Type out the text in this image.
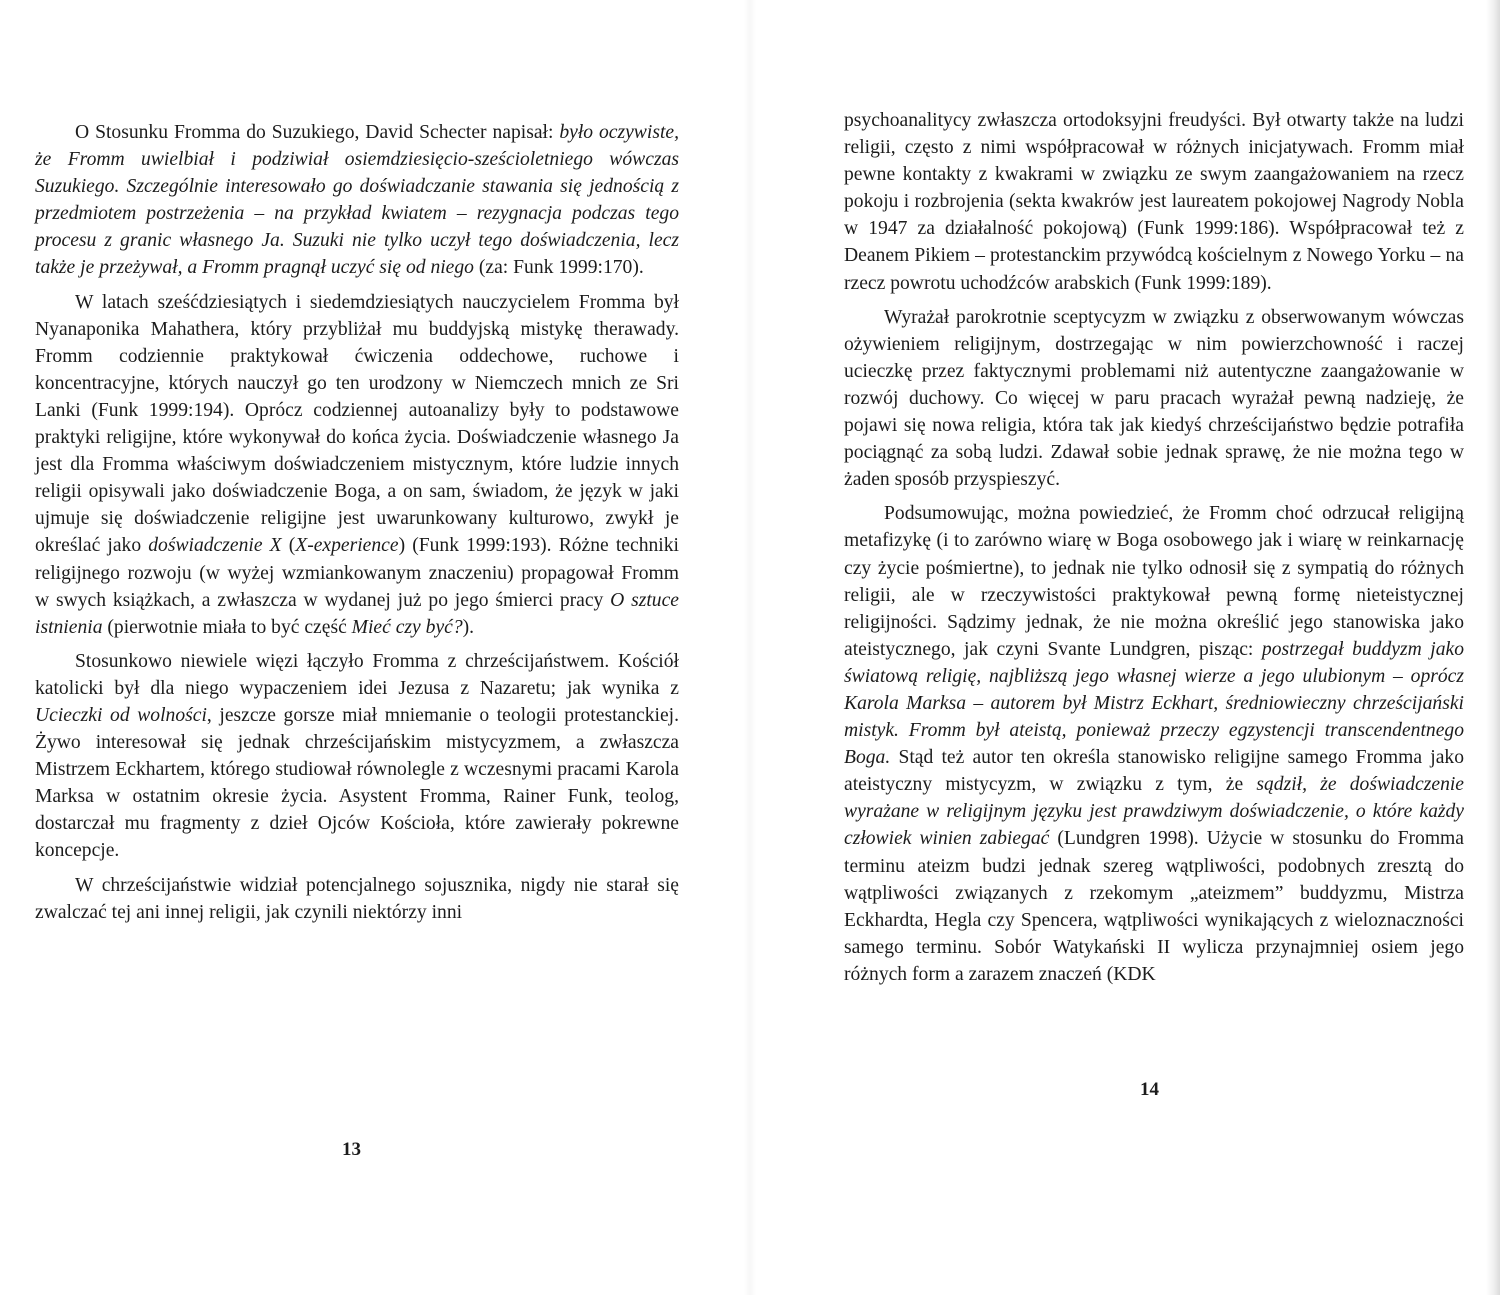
O Stosunku Fromma do Suzukiego, David Schecter napisał: było oczywiste, że Fromm uwielbiał i podziwiał osiemdziesięcio-sześcioletniego wówczas Suzukiego. Szczególnie interesowało go doświadczanie stawania się jednością z przedmiotem postrzeżenia – na przykład kwiatem – rezygnacja podczas tego procesu z granic własnego Ja. Suzuki nie tylko uczył tego doświadczenia, lecz także je przeżywał, a Fromm pragnął uczyć się od niego (za: Funk 1999:170).

W latach sześćdziesiątych i siedemdziesiątych nauczycielem Fromma był Nyanaponika Mahathera, który przybliżał mu buddyjską mistykę therawady. Fromm codziennie praktykował ćwiczenia oddechowe, ruchowe i koncentracyjne, których nauczył go ten urodzony w Niemczech mnich ze Sri Lanki (Funk 1999:194). Oprócz codziennej autoanalizy były to podstawowe praktyki religijne, które wykonywał do końca życia. Doświadczenie własnego Ja jest dla Fromma właściwym doświadczeniem mistycznym, które ludzie innych religii opisywali jako doświadczenie Boga, a on sam, świadom, że język w jaki ujmuje się doświadczenie religijne jest uwarunkowany kulturowo, zwykł je określać jako doświadczenie X (X-experience) (Funk 1999:193). Różne techniki religijnego rozwoju (w wyżej wzmiankowanym znaczeniu) propagował Fromm w swych książkach, a zwłaszcza w wydanej już po jego śmierci pracy O sztuce istnienia (pierwotnie miała to być część Mieć czy być?).

Stosunkowo niewiele więzi łączyło Fromma z chrześcijaństwem. Kościół katolicki był dla niego wypaczeniem idei Jezusa z Nazaretu; jak wynika z Ucieczki od wolności, jeszcze gorsze miał mniemanie o teologii protestanckiej. Żywo interesował się jednak chrześcijańskim mistycyzmem, a zwłaszcza Mistrzem Eckhartem, którego studiował równolegle z wczesnymi pracami Karola Marksa w ostatnim okresie życia. Asystent Fromma, Rainer Funk, teolog, dostarczał mu fragmenty z dzieł Ojców Kościoła, które zawierały pokrewne koncepcje.

W chrześcijaństwie widział potencjalnego sojusznika, nigdy nie starał się zwalczać tej ani innej religii, jak czynili niektórzy inni

13

psychoanalitycy zwłaszcza ortodoksyjni freudyści. Był otwarty także na ludzi religii, często z nimi współpracował w różnych inicjatywach. Fromm miał pewne kontakty z kwakrami w związku ze swym zaangażowaniem na rzecz pokoju i rozbrojenia (sekta kwakrów jest laureatem pokojowej Nagrody Nobla w 1947 za działalność pokojową) (Funk 1999:186). Współpracował też z Deanem Pikiem – protestanckim przywódcą kościelnym z Nowego Yorku – na rzecz powrotu uchodźców arabskich (Funk 1999:189).

Wyrażał parokrotnie sceptycyzm w związku z obserwowanym wówczas ożywieniem religijnym, dostrzegając w nim powierzchowność i raczej ucieczkę przez faktycznymi problemami niż autentyczne zaangażowanie w rozwój duchowy. Co więcej w paru pracach wyrażał pewną nadzieję, że pojawi się nowa religia, która tak jak kiedyś chrześcijaństwo będzie potrafiła pociągnąć za sobą ludzi. Zdawał sobie jednak sprawę, że nie można tego w żaden sposób przyspieszyć.

Podsumowując, można powiedzieć, że Fromm choć odrzucał religijną metafizykę (i to zarówno wiarę w Boga osobowego jak i wiarę w reinkarnację czy życie pośmiertne), to jednak nie tylko odnosił się z sympatią do różnych religii, ale w rzeczywistości praktykował pewną formę nieteistycznej religijności. Sądzimy jednak, że nie można określić jego stanowiska jako ateistycznego, jak czyni Svante Lundgren, pisząc: postrzegał buddyzm jako światową religię, najbliższą jego własnej wierze a jego ulubionym – oprócz Karola Marksa – autorem był Mistrz Eckhart, średniowieczny chrześcijański mistyk. Fromm był ateistą, ponieważ przeczy egzystencji transcendentnego Boga. Stąd też autor ten określa stanowisko religijne samego Fromma jako ateistyczny mistycyzm, w związku z tym, że sądził, że doświadczenie wyrażane w religijnym języku jest prawdziwym doświadczenie, o które każdy człowiek winien zabiegać (Lundgren 1998). Użycie w stosunku do Fromma terminu ateizm budzi jednak szereg wątpliwości, podobnych zresztą do wątpliwości związanych z rzekomym „ateizmem” buddyzmu, Mistrza Eckhardta, Hegla czy Spencera, wątpliwości wynikających z wieloznaczności samego terminu. Sobór Watykański II wylicza przynajmniej osiem jego różnych form a zarazem znaczeń (KDK

14
